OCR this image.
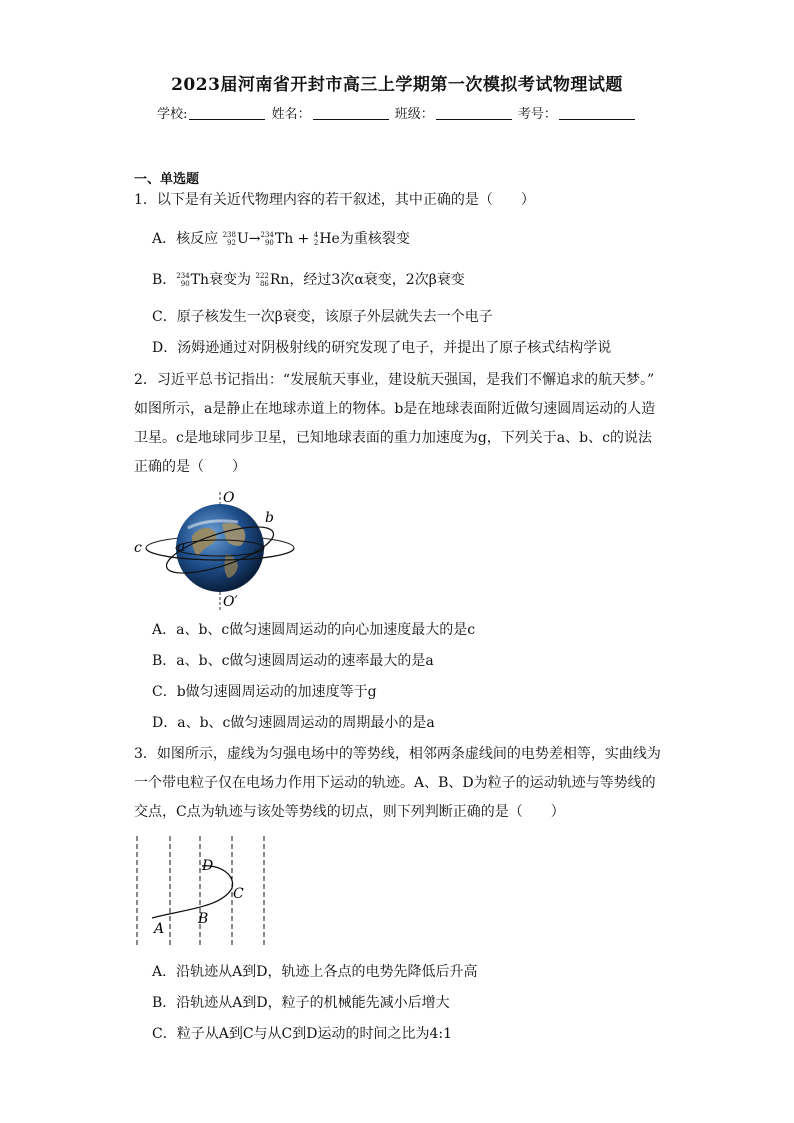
2023届河南省开封市高三上学期第一次模拟考试物理试题
学校:	姓名：	班级：	考号：
一、单选题
1．以下是有关近代物理内容的若干叙述，其中正确的是（　　）
A．核反应 238
92U→234
90Th + 4
2He为重核裂变
B．234
90Th衰变为 222
86Rn，经过3次α衰变，2次β衰变
C．原子核发生一次β衰变，该原子外层就失去一个电子
D．汤姆逊通过对阴极射线的研究发现了电子，并提出了原子核式结构学说
2．习近平总书记指出：“发展航天事业，建设航天强国，是我们不懈追求的航天梦。”
如图所示，a是静止在地球赤道上的物体。b是在地球表面附近做匀速圆周运动的人造
卫星。c是地球同步卫星，已知地球表面的重力加速度为g，下列关于a、b、c的说法
正确的是（　　）
O
O′
b
c	a
A．a、b、c做匀速圆周运动的向心加速度最大的是c
B．a、b、c做匀速圆周运动的速率最大的是a
C．b做匀速圆周运动的加速度等于g
D．a、b、c做匀速圆周运动的周期最小的是a
3．如图所示，虚线为匀强电场中的等势线，相邻两条虚线间的电势差相等，实曲线为
一个带电粒子仅在电场力作用下运动的轨迹。A、B、D为粒子的运动轨迹与等势线的
交点，C点为轨迹与该处等势线的切点，则下列判断正确的是（　　）
A
B
C
D
A．沿轨迹从A到D，轨迹上各点的电势先降低后升高
B．沿轨迹从A到D，粒子的机械能先减小后增大
C．粒子从A到C与从C到D运动的时间之比为4:1
